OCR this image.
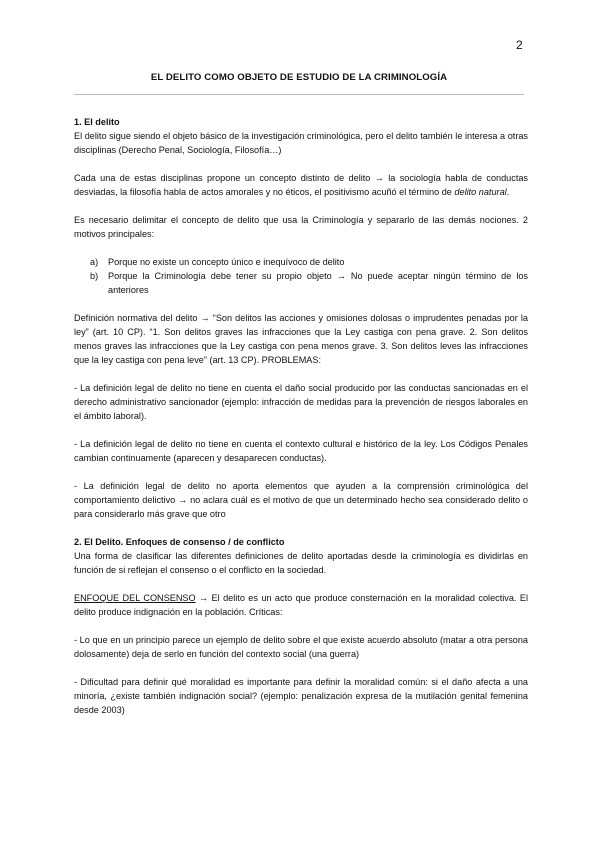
2
EL DELITO COMO OBJETO DE ESTUDIO DE LA CRIMINOLOGÍA

1. El delito
El delito sigue siendo el objeto básico de la investigación criminológica, pero el delito también le interesa a otras disciplinas (Derecho Penal, Sociología, Filosofía…)

Cada una de estas disciplinas propone un concepto distinto de delito → la sociología habla de conductas desviadas, la filosofía habla de actos amorales y no éticos, el positivismo acuñó el término de delito natural.

Es necesario delimitar el concepto de delito que usa la Criminología y separarlo de las demás nociones. 2 motivos principales:

a) Porque no existe un concepto único e inequívoco de delito
b) Porque la Criminología debe tener su propio objeto → No puede aceptar ningún término de los anteriores

Definición normativa del delito → “Son delitos las acciones y omisiones dolosas o imprudentes penadas por la ley” (art. 10 CP). “1. Son delitos graves las infracciones que la Ley castiga con pena grave. 2. Son delitos menos graves las infracciones que la Ley castiga con pena menos grave. 3. Son delitos leves las infracciones que la ley castiga con pena leve” (art. 13 CP). PROBLEMAS:

- La definición legal de delito no tiene en cuenta el daño social producido por las conductas sancionadas en el derecho administrativo sancionador (ejemplo: infracción de medidas para la prevención de riesgos laborales en el ámbito laboral).

- La definición legal de delito no tiene en cuenta el contexto cultural e histórico de la ley. Los Códigos Penales cambian continuamente (aparecen y desaparecen conductas).

- La definición legal de delito no aporta elementos que ayuden a la comprensión criminológica del comportamiento delictivo → no aclara cuál es el motivo de que un determinado hecho sea considerado delito o para considerarlo más grave que otro

2. El Delito. Enfoques de consenso / de conflicto
Una forma de clasificar las diferentes definiciones de delito aportadas desde la criminología es dividirlas en función de si reflejan el consenso o el conflicto en la sociedad.

ENFOQUE DEL CONSENSO → El delito es un acto que produce consternación en la moralidad colectiva. El delito produce indignación en la población. Críticas:

- Lo que en un principio parece un ejemplo de delito sobre el que existe acuerdo absoluto (matar a otra persona dolosamente) deja de serlo en función del contexto social (una guerra)

- Dificultad para definir qué moralidad es importante para definir la moralidad común: si el daño afecta a una minoría, ¿existe también indignación social? (ejemplo: penalización expresa de la mutilación genital femenina desde 2003)
